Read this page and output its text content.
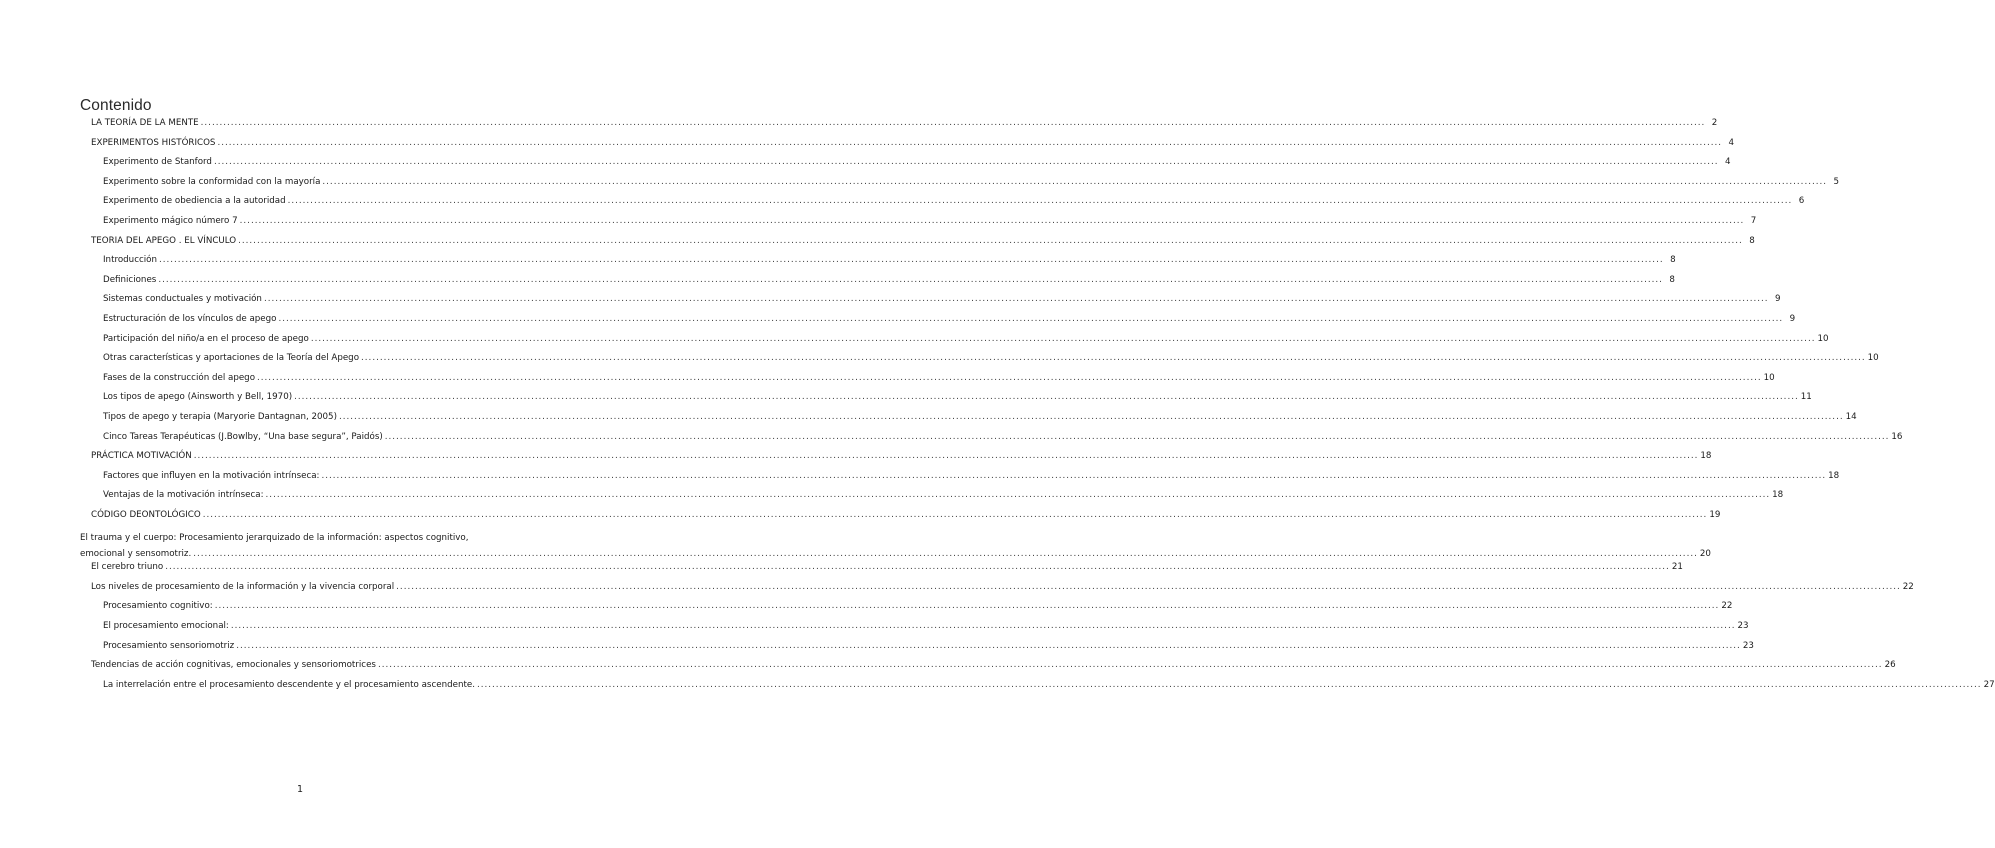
Contenido
LA TEORÍA DE LA MENTE ................................................................................................................................................................................................................................................................................................................................................................................................................ 2
EXPERIMENTOS HISTÓRICOS ................................................................................................................................................................................................................................................................................................................................................................................................................ 4
Experimento de Stanford ................................................................................................................................................................................................................................................................................................................................................................................................................ 4
Experimento sobre la conformidad con la mayoría ................................................................................................................................................................................................................................................................................................................................................................................................................ 5
Experimento de obediencia a la autoridad ................................................................................................................................................................................................................................................................................................................................................................................................................ 6
Experimento mágico número 7 ................................................................................................................................................................................................................................................................................................................................................................................................................ 7
TEORIA DEL APEGO . EL VÍNCULO ................................................................................................................................................................................................................................................................................................................................................................................................................ 8
Introducción ................................................................................................................................................................................................................................................................................................................................................................................................................ 8
Definiciones ................................................................................................................................................................................................................................................................................................................................................................................................................ 8
Sistemas conductuales y motivación ................................................................................................................................................................................................................................................................................................................................................................................................................ 9
Estructuración de los vínculos de apego ................................................................................................................................................................................................................................................................................................................................................................................................................ 9
Participación del niño/a en el proceso de apego ................................................................................................................................................................................................................................................................................................................................................................................................................ 10
Otras características y aportaciones de la Teoría del Apego ................................................................................................................................................................................................................................................................................................................................................................................................................ 10
Fases de la construcción del apego ................................................................................................................................................................................................................................................................................................................................................................................................................ 10
Los tipos de apego (Ainsworth y Bell, 1970) ................................................................................................................................................................................................................................................................................................................................................................................................................ 11
Tipos de apego y terapia (Maryorie Dantagnan, 2005) ................................................................................................................................................................................................................................................................................................................................................................................................................ 14
Cinco Tareas Terapéuticas (J.Bowlby, “Una base segura”, Paidós) ................................................................................................................................................................................................................................................................................................................................................................................................................ 16
PRÁCTICA MOTIVACIÓN ................................................................................................................................................................................................................................................................................................................................................................................................................ 18
Factores que influyen en la motivación intrínseca: ................................................................................................................................................................................................................................................................................................................................................................................................................ 18
Ventajas de la motivación intrínseca: ................................................................................................................................................................................................................................................................................................................................................................................................................ 18
CÓDIGO DEONTOLÓGICO ................................................................................................................................................................................................................................................................................................................................................................................................................ 19
El trauma y el cuerpo: Procesamiento jerarquizado de la información: aspectos cognitivo,
emocional y sensomotriz. ................................................................................................................................................................................................................................................................................................................................................................................................................ 20
El cerebro triuno ................................................................................................................................................................................................................................................................................................................................................................................................................ 21
Los niveles de procesamiento de la información y la vivencia corporal ................................................................................................................................................................................................................................................................................................................................................................................................................ 22
Procesamiento cognitivo: ................................................................................................................................................................................................................................................................................................................................................................................................................ 22
El procesamiento emocional: ................................................................................................................................................................................................................................................................................................................................................................................................................ 23
Procesamiento sensoriomotriz ................................................................................................................................................................................................................................................................................................................................................................................................................ 23
Tendencias de acción cognitivas, emocionales y sensoriomotrices ................................................................................................................................................................................................................................................................................................................................................................................................................ 26
La interrelación entre el procesamiento descendente y el procesamiento ascendente. ................................................................................................................................................................................................................................................................................................................................................................................................................ 27
1
